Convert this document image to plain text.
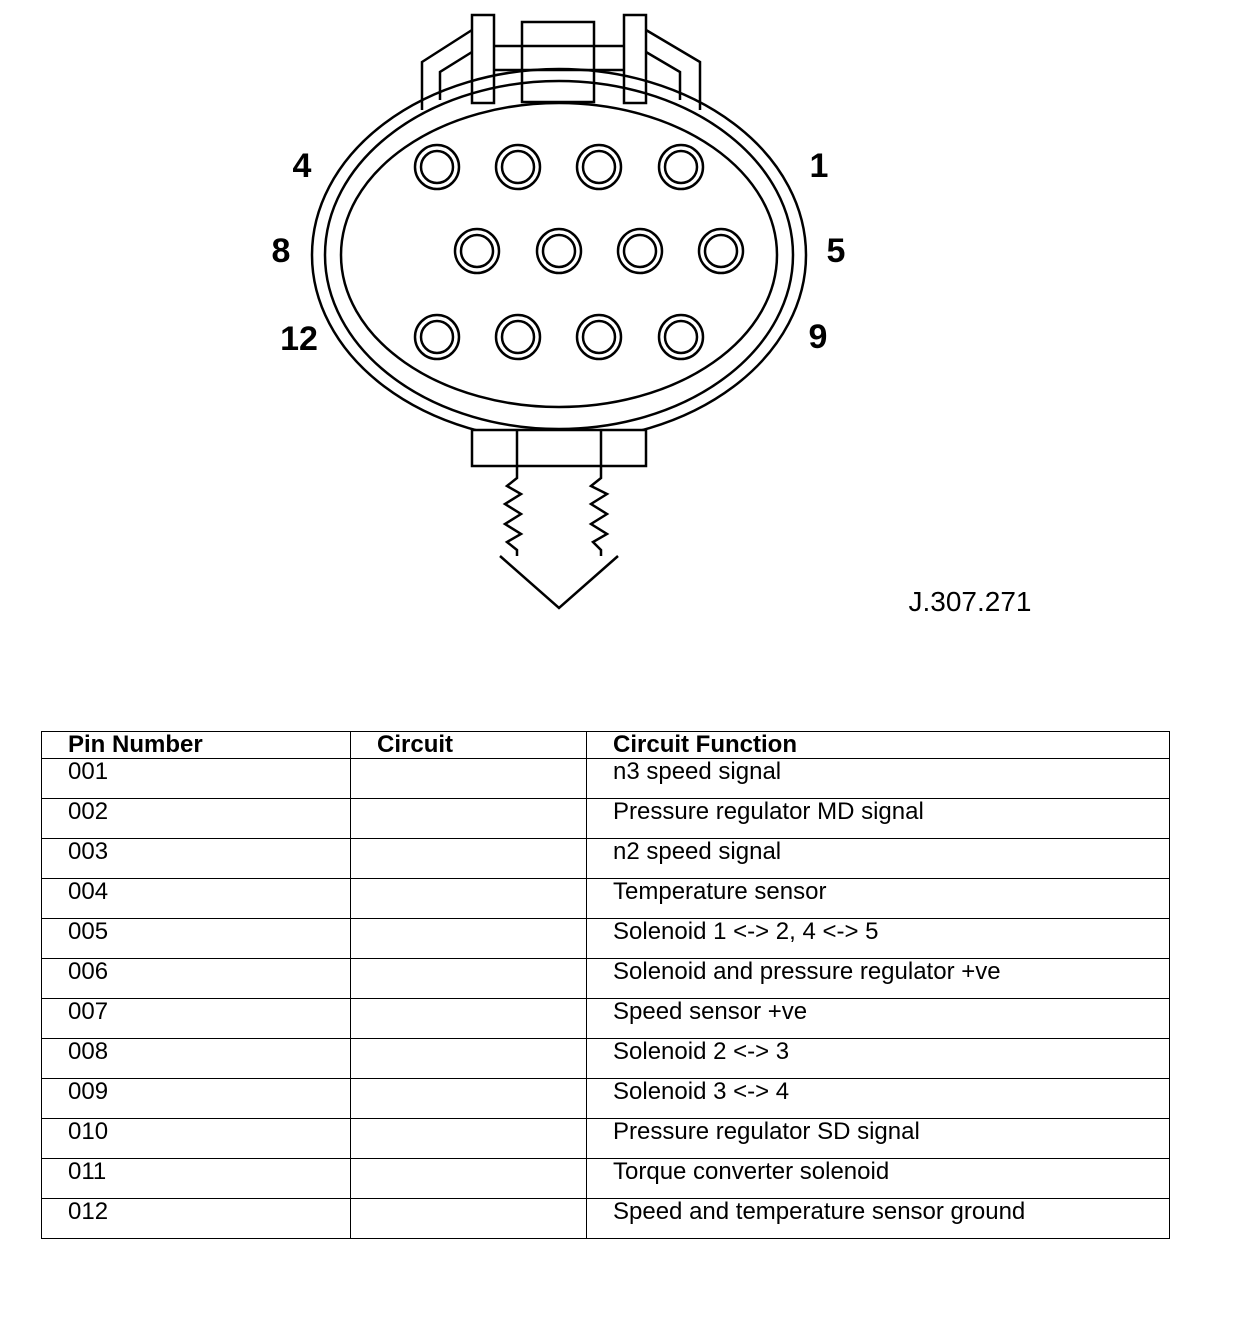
4	1
8	5
12	9
J.307.271
Pin Number	Circuit	Circuit Function
001		n3 speed signal
002		Pressure regulator MD signal
003		n2 speed signal
004		Temperature sensor
005		Solenoid 1 <-> 2, 4 <-> 5
006		Solenoid and pressure regulator +ve
007		Speed sensor +ve
008		Solenoid 2 <-> 3
009		Solenoid 3 <-> 4
010		Pressure regulator SD signal
011		Torque converter solenoid
012		Speed and temperature sensor ground
